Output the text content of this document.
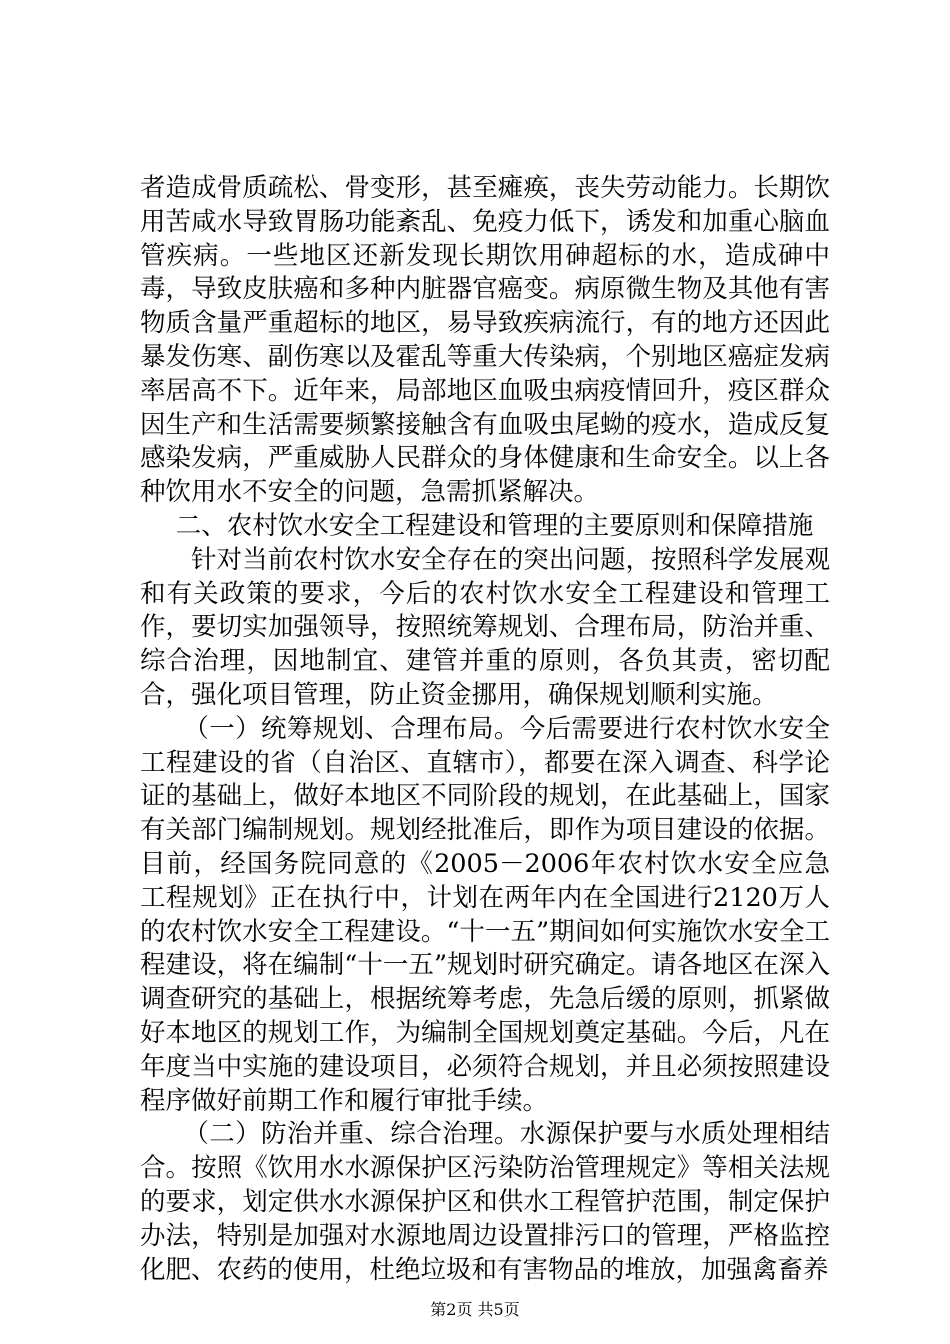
者造成骨质疏松、骨变形，甚至瘫痪，丧失劳动能力。长期饮用苦咸水导致胃肠功能紊乱、免疫力低下，诱发和加重心脑血管疾病。一些地区还新发现长期饮用砷超标的水，造成砷中毒，导致皮肤癌和多种内脏器官癌变。病原微生物及其他有害物质含量严重超标的地区，易导致疾病流行，有的地方还因此暴发伤寒、副伤寒以及霍乱等重大传染病，个别地区癌症发病率居高不下。近年来，局部地区血吸虫病疫情回升，疫区群众因生产和生活需要频繁接触含有血吸虫尾蚴的疫水，造成反复感染发病，严重威胁人民群众的身体健康和生命安全。以上各种饮用水不安全的问题，急需抓紧解决。

二、农村饮水安全工程建设和管理的主要原则和保障措施

针对当前农村饮水安全存在的突出问题，按照科学发展观和有关政策的要求，今后的农村饮水安全工程建设和管理工作，要切实加强领导，按照统筹规划、合理布局，防治并重、综合治理，因地制宜、建管并重的原则，各负其责，密切配合，强化项目管理，防止资金挪用，确保规划顺利实施。

（一）统筹规划、合理布局。今后需要进行农村饮水安全工程建设的省（自治区、直辖市），都要在深入调查、科学论证的基础上，做好本地区不同阶段的规划，在此基础上，国家有关部门编制规划。规划经批准后，即作为项目建设的依据。目前，经国务院同意的《2005－2006年农村饮水安全应急工程规划》正在执行中，计划在两年内在全国进行2120万人的农村饮水安全工程建设。“十一五”期间如何实施饮水安全工程建设，将在编制“十一五”规划时研究确定。请各地区在深入调查研究的基础上，根据统筹考虑，先急后缓的原则，抓紧做好本地区的规划工作，为编制全国规划奠定基础。今后，凡在年度当中实施的建设项目，必须符合规划，并且必须按照建设程序做好前期工作和履行审批手续。

（二）防治并重、综合治理。水源保护要与水质处理相结合。按照《饮用水水源保护区污染防治管理规定》等相关法规的要求，划定供水水源保护区和供水工程管护范围，制定保护办法，特别是加强对水源地周边设置排污口的管理，严格监控化肥、农药的使用，杜绝垃圾和有害物品的堆放，加强禽畜养

第2页 共5页
